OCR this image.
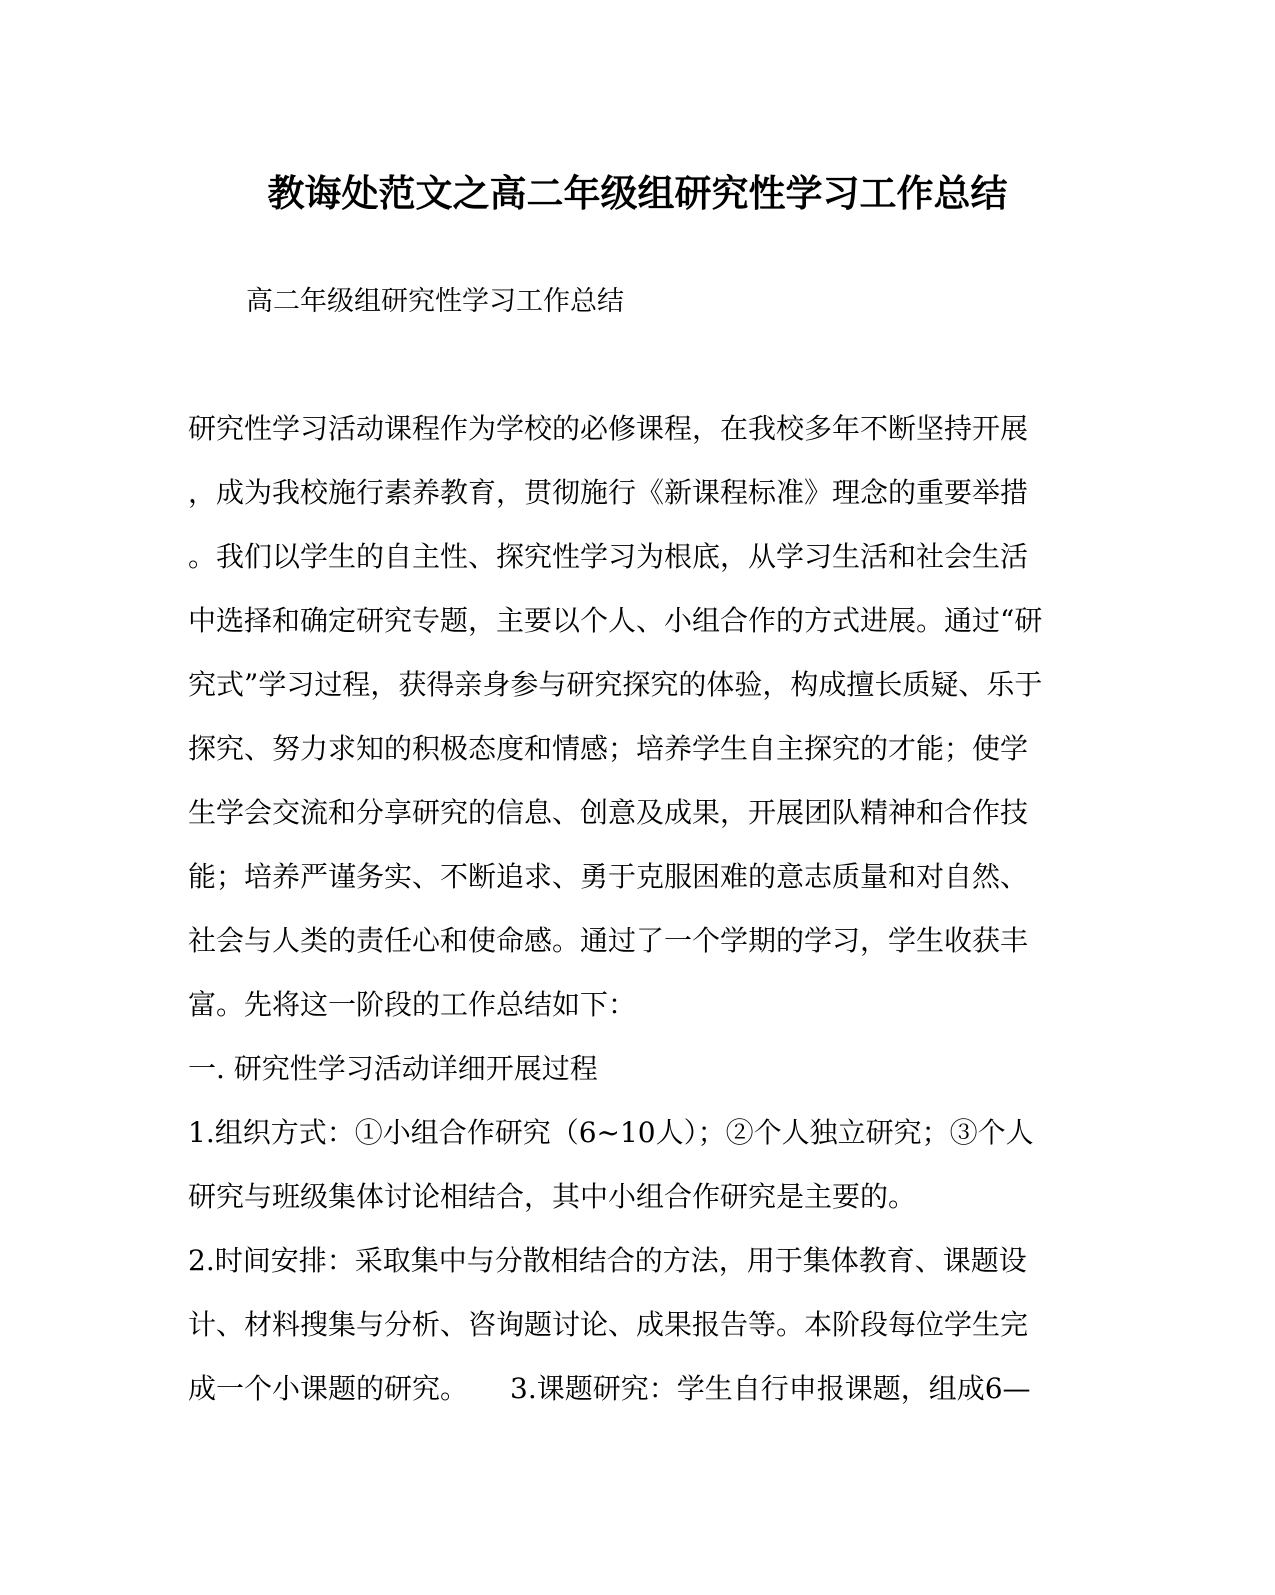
教诲处范文之高二年级组研究性学习工作总结
高二年级组研究性学习工作总结
研究性学习活动课程作为学校的必修课程，在我校多年不断坚持开展
，成为我校施行素养教育，贯彻施行《新课程标准》理念的重要举措
。我们以学生的自主性、探究性学习为根底，从学习生活和社会生活
中选择和确定研究专题，主要以个人、小组合作的方式进展。通过“研
究式”学习过程，获得亲身参与研究探究的体验，构成擅长质疑、乐于
探究、努力求知的积极态度和情感；培养学生自主探究的才能；使学
生学会交流和分享研究的信息、创意及成果，开展团队精神和合作技
能；培养严谨务实、不断追求、勇于克服困难的意志质量和对自然、
社会与人类的责任心和使命感。通过了一个学期的学习，学生收获丰
富。先将这一阶段的工作总结如下：
一. 研究性学习活动详细开展过程
1.组织方式：①小组合作研究（6~10人）；②个人独立研究；③个人
研究与班级集体讨论相结合，其中小组合作研究是主要的。
2.时间安排：采取集中与分散相结合的方法，用于集体教育、课题设
计、材料搜集与分析、咨询题讨论、成果报告等。本阶段每位学生完
成一个小课题的研究。　　3.课题研究：学生自行申报课题，组成6—
